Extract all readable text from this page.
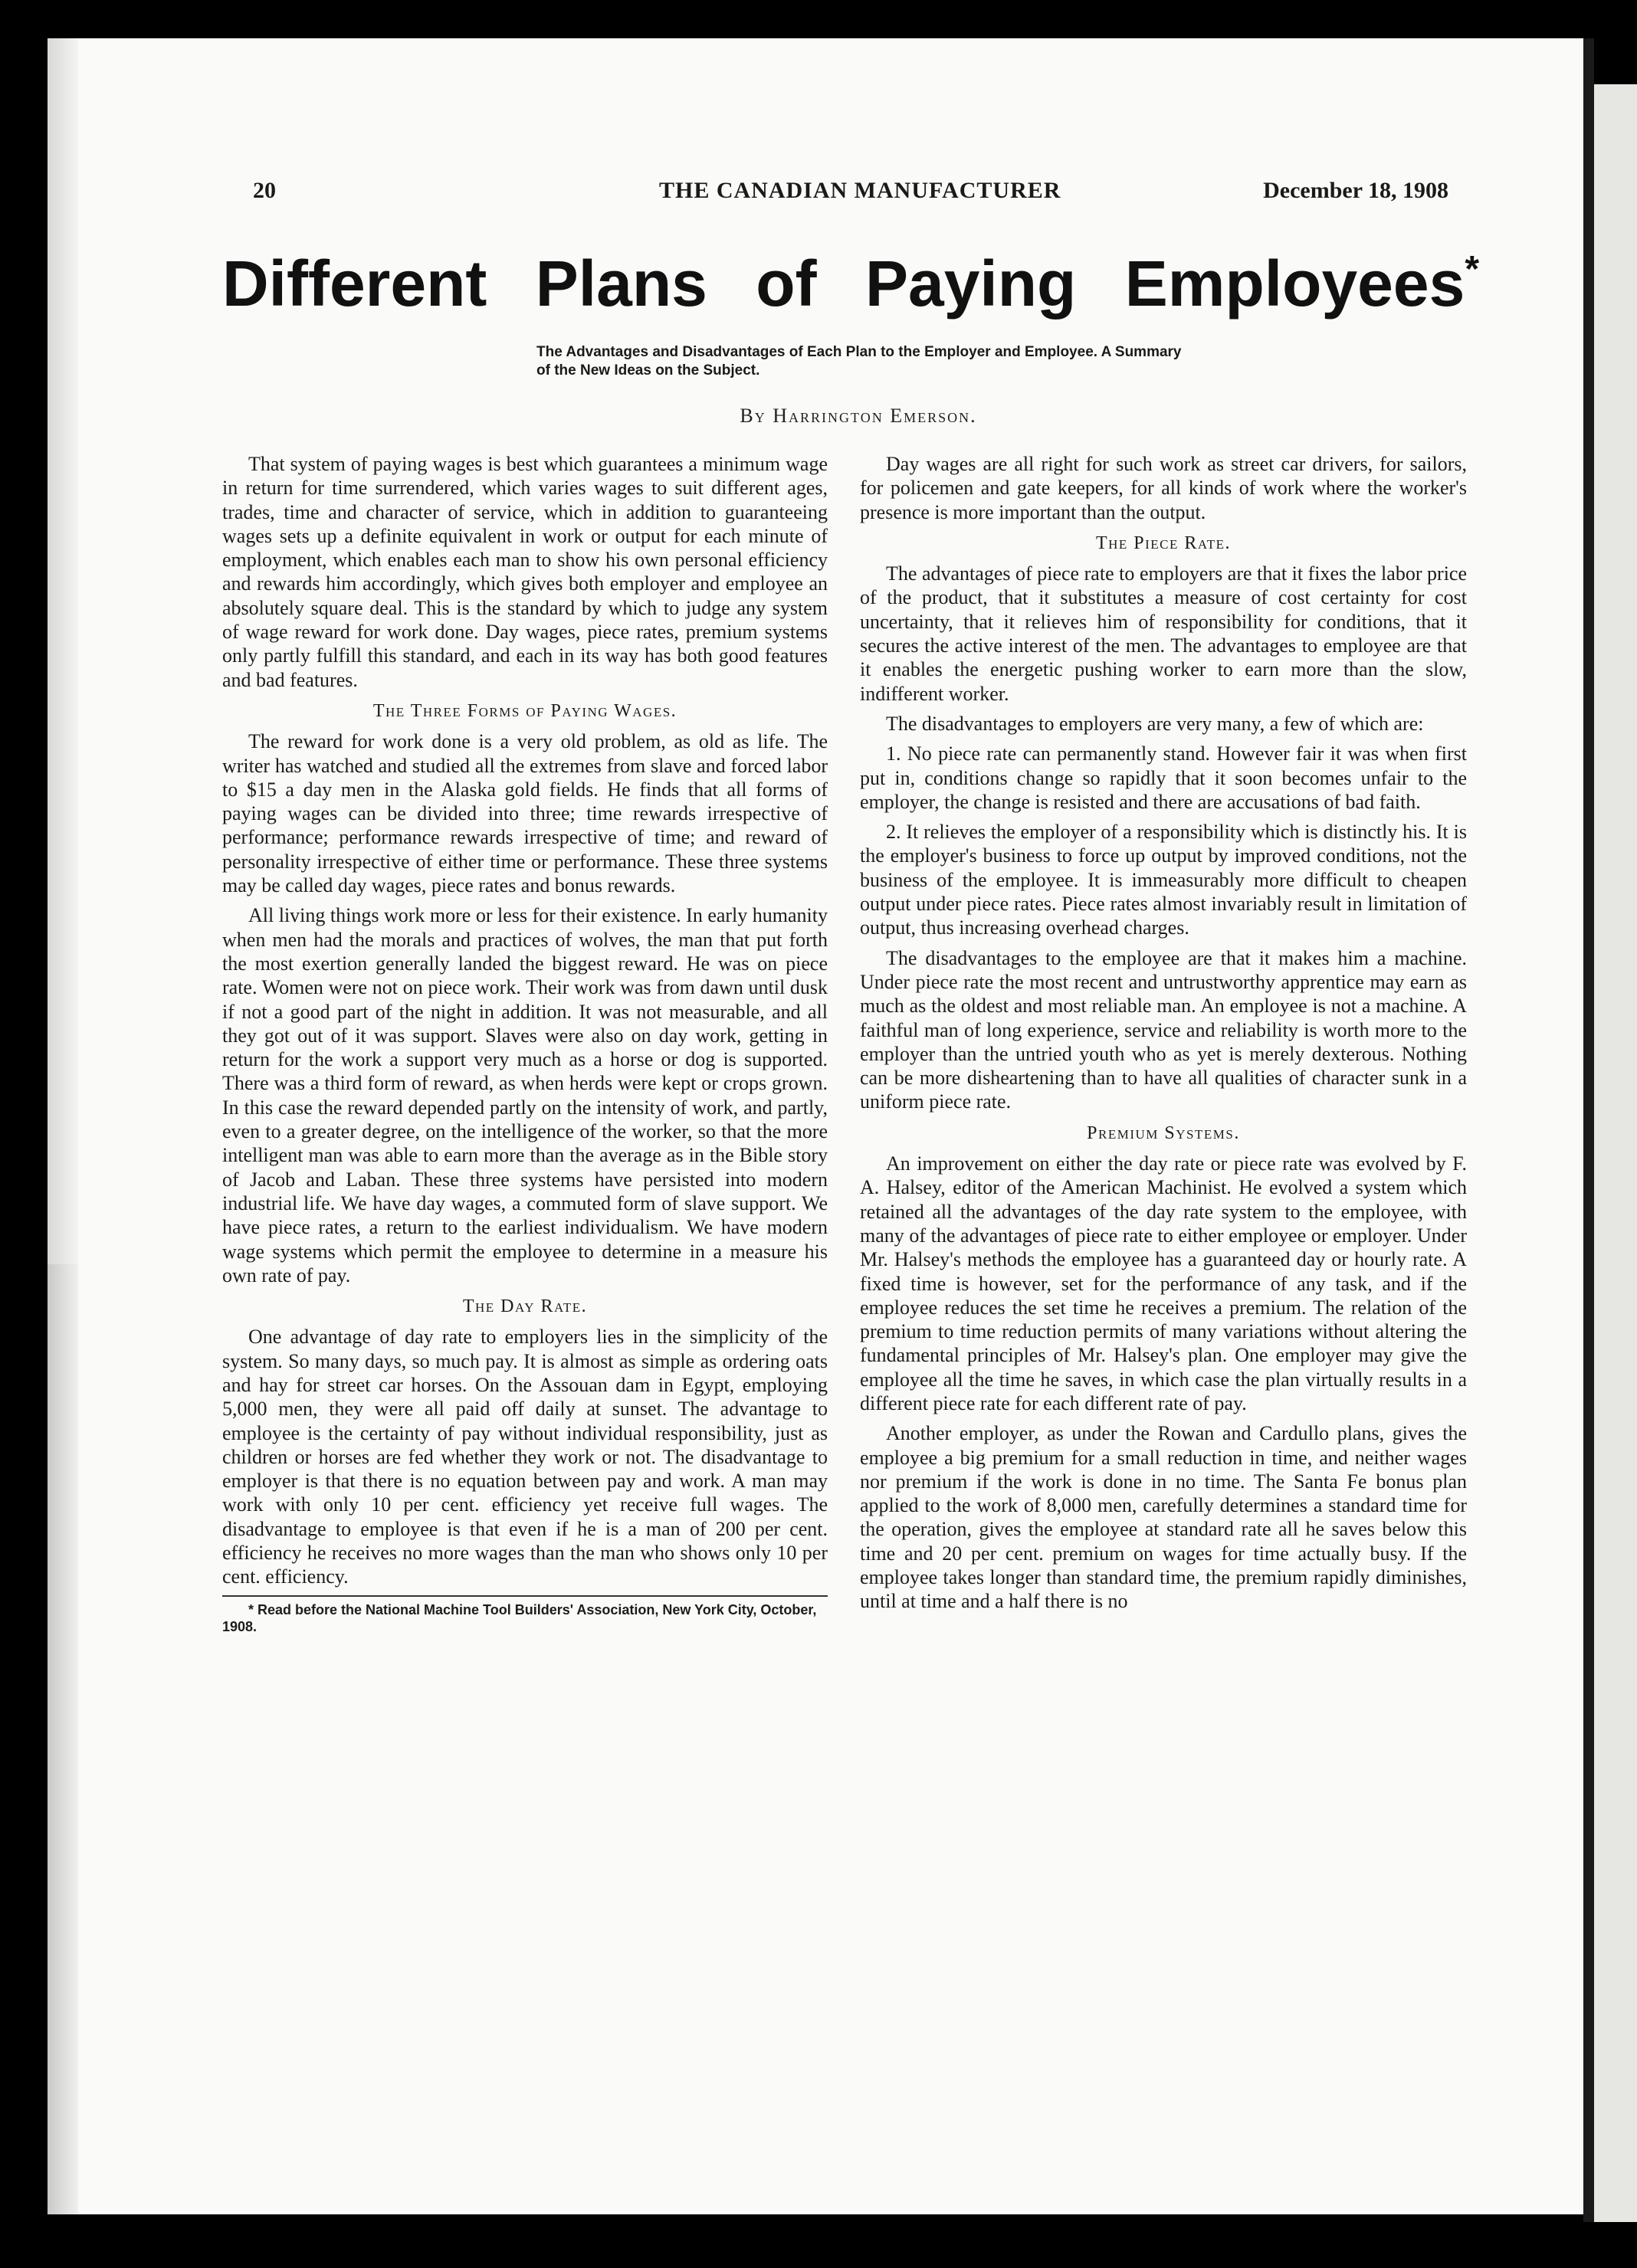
20	THE CANADIAN MANUFACTURER	December 18, 1908
Different Plans of Paying Employees*
The Advantages and Disadvantages of Each Plan to the Employer and Employee. A Summary of the New Ideas on the Subject.
By Harrington Emerson.

That system of paying wages is best which guarantees a minimum wage in return for time surrendered, which varies wages to suit different ages, trades, time and character of service, which in addition to guaranteeing wages sets up a definite equivalent in work or output for each minute of employment, which enables each man to show his own personal efficiency and rewards him accordingly, which gives both employer and employee an absolutely square deal. This is the standard by which to judge any system of wage reward for work done. Day wages, piece rates, premium systems only partly fulfill this standard, and each in its way has both good features and bad features.

The Three Forms of Paying Wages.

The reward for work done is a very old problem, as old as life. The writer has watched and studied all the extremes from slave and forced labor to $15 a day men in the Alaska gold fields. He finds that all forms of paying wages can be divided into three; time rewards irrespective of performance; performance rewards irrespective of time; and reward of personality irrespective of either time or performance. These three systems may be called day wages, piece rates and bonus rewards.

All living things work more or less for their existence. In early humanity when men had the morals and practices of wolves, the man that put forth the most exertion generally landed the biggest reward. He was on piece rate. Women were not on piece work. Their work was from dawn until dusk if not a good part of the night in addition. It was not measurable, and all they got out of it was support. Slaves were also on day work, getting in return for the work a support very much as a horse or dog is supported. There was a third form of reward, as when herds were kept or crops grown. In this case the reward depended partly on the intensity of work, and partly, even to a greater degree, on the intelligence of the worker, so that the more intelligent man was able to earn more than the average as in the Bible story of Jacob and Laban. These three systems have persisted into modern industrial life. We have day wages, a commuted form of slave support. We have piece rates, a return to the earliest individualism. We have modern wage systems which permit the employee to determine in a measure his own rate of pay.

The Day Rate.

One advantage of day rate to employers lies in the simplicity of the system. So many days, so much pay. It is almost as simple as ordering oats and hay for street car horses. On the Assouan dam in Egypt, employing 5,000 men, they were all paid off daily at sunset. The advantage to employee is the certainty of pay without individual responsibility, just as children or horses are fed whether they work or not. The disadvantage to employer is that there is no equation between pay and work. A man may work with only 10 per cent. efficiency yet receive full wages. The disadvantage to employee is that even if he is a man of 200 per cent. efficiency he receives no more wages than the man who shows only 10 per cent. efficiency.

* Read before the National Machine Tool Builders' Association, New York City, October, 1908.

Day wages are all right for such work as street car drivers, for sailors, for policemen and gate keepers, for all kinds of work where the worker's presence is more important than the output.

The Piece Rate.

The advantages of piece rate to employers are that it fixes the labor price of the product, that it substitutes a measure of cost certainty for cost uncertainty, that it relieves him of responsibility for conditions, that it secures the active interest of the men. The advantages to employee are that it enables the energetic pushing worker to earn more than the slow, indifferent worker.

The disadvantages to employers are very many, a few of which are:

1. No piece rate can permanently stand. However fair it was when first put in, conditions change so rapidly that it soon becomes unfair to the employer, the change is resisted and there are accusations of bad faith.

2. It relieves the employer of a responsibility which is distinctly his. It is the employer's business to force up output by improved conditions, not the business of the employee. It is immeasurably more difficult to cheapen output under piece rates. Piece rates almost invariably result in limitation of output, thus increasing overhead charges.

The disadvantages to the employee are that it makes him a machine. Under piece rate the most recent and untrustworthy apprentice may earn as much as the oldest and most reliable man. An employee is not a machine. A faithful man of long experience, service and reliability is worth more to the employer than the untried youth who as yet is merely dexterous. Nothing can be more disheartening than to have all qualities of character sunk in a uniform piece rate.

Premium Systems.

An improvement on either the day rate or piece rate was evolved by F. A. Halsey, editor of the American Machinist. He evolved a system which retained all the advantages of the day rate system to the employee, with many of the advantages of piece rate to either employee or employer. Under Mr. Halsey's methods the employee has a guaranteed day or hourly rate. A fixed time is however, set for the performance of any task, and if the employee reduces the set time he receives a premium. The relation of the premium to time reduction permits of many variations without altering the fundamental principles of Mr. Halsey's plan. One employer may give the employee all the time he saves, in which case the plan virtually results in a different piece rate for each different rate of pay.

Another employer, as under the Rowan and Cardullo plans, gives the employee a big premium for a small reduction in time, and neither wages nor premium if the work is done in no time. The Santa Fe bonus plan applied to the work of 8,000 men, carefully determines a standard time for the operation, gives the employee at standard rate all he saves below this time and 20 per cent. premium on wages for time actually busy. If the employee takes longer than standard time, the premium rapidly diminishes, until at time and a half there is no
